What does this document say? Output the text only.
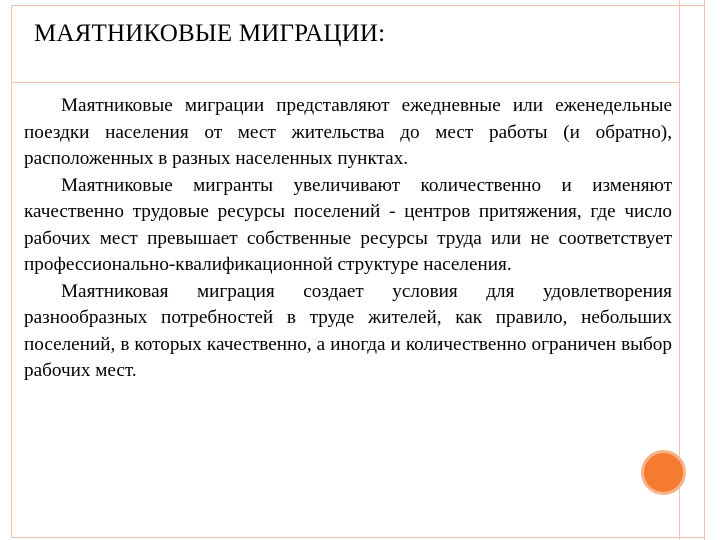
МАЯТНИКОВЫЕ МИГРАЦИИ:

Маятниковые миграции представляют ежедневные или еженедельные поездки населения от мест жительства до мест работы (и обратно), расположенных в разных населенных пунктах.

Маятниковые мигранты увеличивают количественно и изменяют качественно трудовые ресурсы поселений - центров притяжения, где число рабочих мест превышает собственные ресурсы труда или не соответствует профессионально-квалификационной структуре населения.

Маятниковая миграция создает условия для удовлетворения разнообразных потребностей в труде жителей, как правило, небольших поселений, в которых качественно, а иногда и количественно ограничен выбор рабочих мест.
